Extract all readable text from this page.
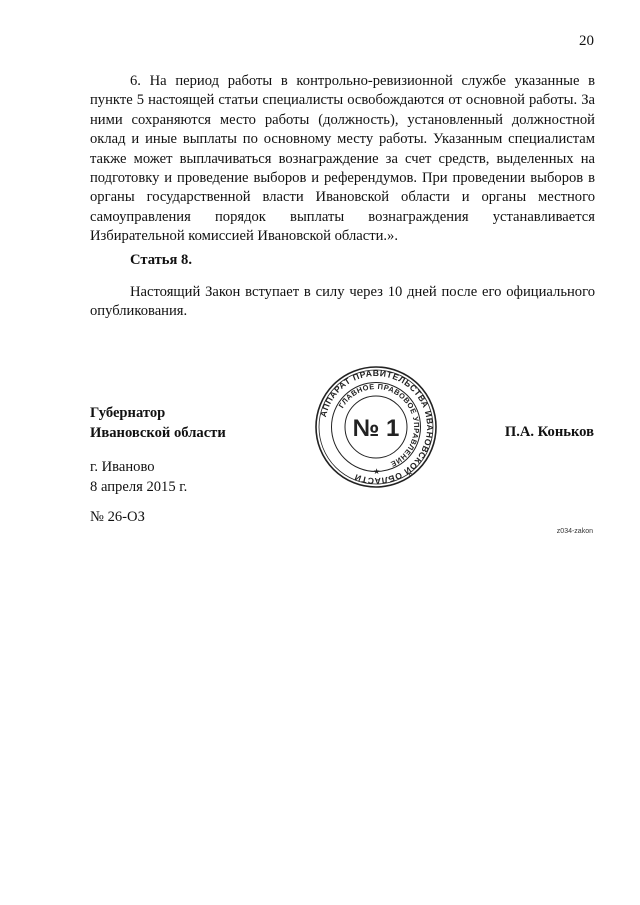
20

6. На период работы в контрольно-ревизионной службе указанные в пункте 5 настоящей статьи специалисты освобождаются от основной работы. За ними сохраняются место работы (должность), установленный должностной оклад и иные выплаты по основному месту работы. Указанным специалистам также может выплачиваться вознаграждение за счет средств, выделенных на подготовку и проведение выборов и референдумов. При проведении выборов в органы государственной власти Ивановской области и органы местного самоуправления порядок выплаты вознаграждения устанавливается Избирательной комиссией Ивановской области.».

Статья 8.

Настоящий Закон вступает в силу через 10 дней после его официального опубликования.

Губернатор
Ивановской области	П.А. Коньков
г. Иваново
8 апреля 2015 г.
№ 26-ОЗ
z034-zakon
АППАРАТ ПРАВИТЕЛЬСТВА ИВАНОВСКОЙ ОБЛАСТИ
ГЛАВНОЕ ПРАВОВОЕ УПРАВЛЕНИЕ
№ 1
★
